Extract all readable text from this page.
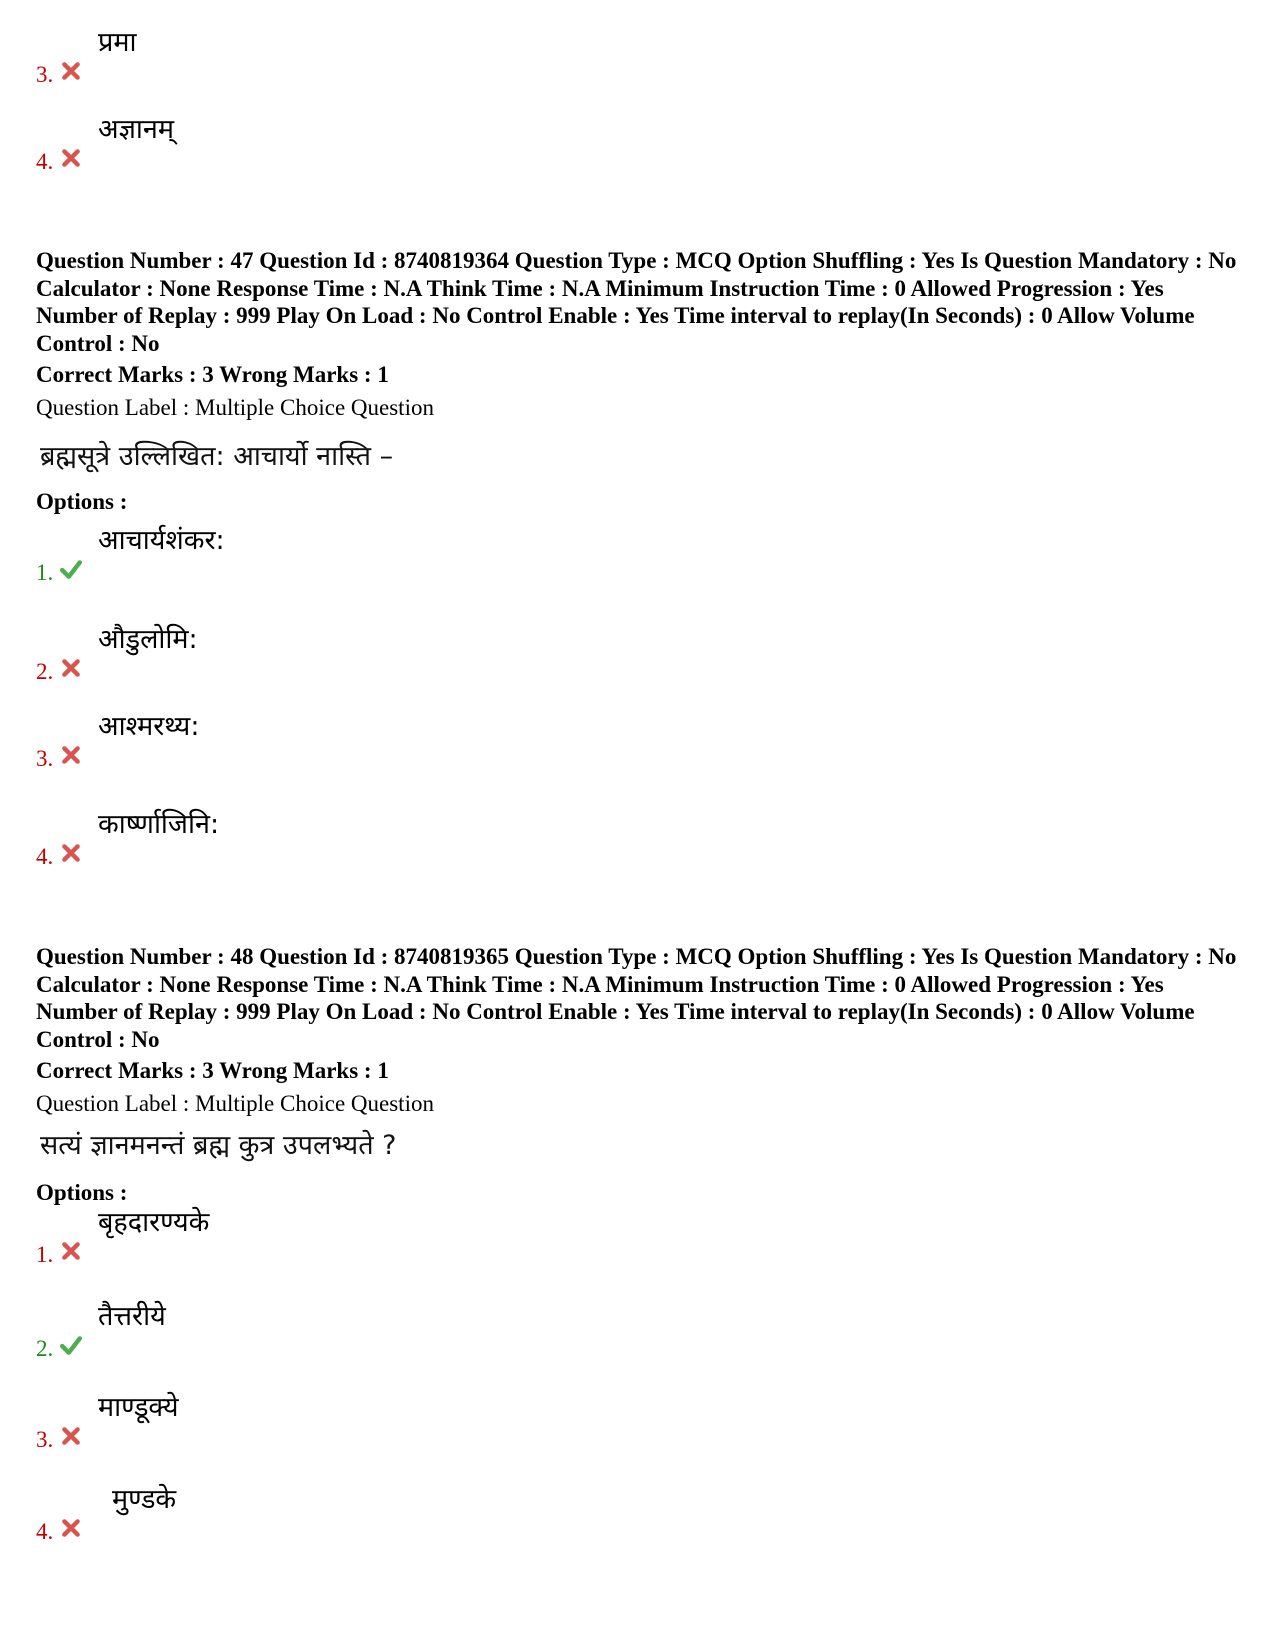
3.
प्रमा
4.
अज्ञानम्

Question Number : 47 Question Id : 8740819364 Question Type : MCQ Option Shuffling : Yes Is Question Mandatory : No Calculator : None Response Time : N.A Think Time : N.A Minimum Instruction Time : 0 Allowed Progression : Yes Number of Replay : 999 Play On Load : No Control Enable : Yes Time interval to replay(In Seconds) : 0 Allow Volume Control : No

Correct Marks : 3 Wrong Marks : 1
Question Label : Multiple Choice Question
ब्रह्मसूत्रे उल्लिखित: आचार्यो नास्ति –
Options :
1.
आचार्यशंकर:
2.
औडुलोमि:
3.
आश्मरथ्य:
4.
कार्ष्णाजिनि:

Question Number : 48 Question Id : 8740819365 Question Type : MCQ Option Shuffling : Yes Is Question Mandatory : No Calculator : None Response Time : N.A Think Time : N.A Minimum Instruction Time : 0 Allowed Progression : Yes Number of Replay : 999 Play On Load : No Control Enable : Yes Time interval to replay(In Seconds) : 0 Allow Volume Control : No

Correct Marks : 3 Wrong Marks : 1
Question Label : Multiple Choice Question
सत्यं ज्ञानमनन्तं ब्रह्म कुत्र उपलभ्यते ?
Options :
1.
बृहदारण्यके
2.
तैत्तरीये
3.
माण्डूक्ये
4.
मुण्डके
